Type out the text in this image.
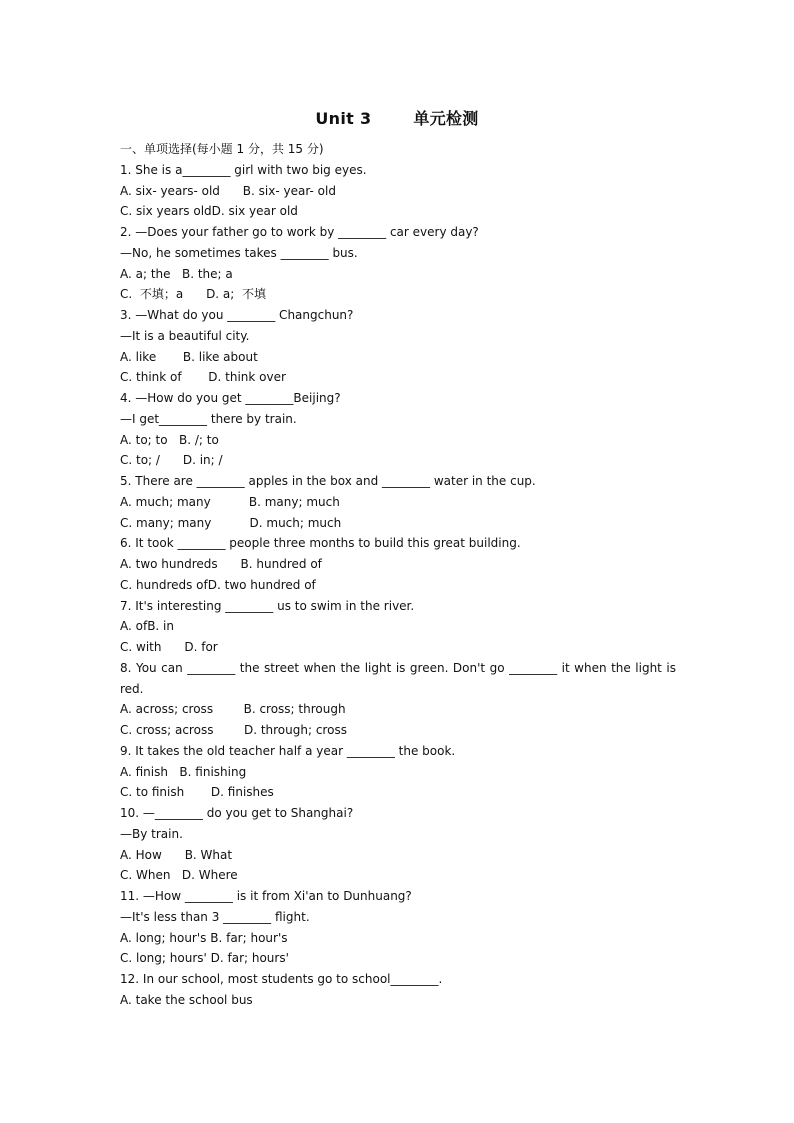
Unit 3	单元检测
一、单项选择(每小题 1 分，共 15 分)
1. She is a________ girl with two big eyes.
A. six- years- old      B. six- year- old
C. six years oldD. six year old
2. —Does your father go to work by ________ car every day?
—No, he sometimes takes ________ bus.
A. a; the   B. the; a
C.  不填；a      D. a;  不填
3. —What do you ________ Changchun?
—It is a beautiful city.
A. like       B. like about
C. think of       D. think over
4. —How do you get ________Beijing?
—I get________ there by train.
A. to; to   B. /; to
C. to; /      D. in; /
5. There are ________ apples in the box and ________ water in the cup.
A. much; many          B. many; much
C. many; many          D. much; much
6. It took ________ people three months to build this great building.
A. two hundreds      B. hundred of
C. hundreds ofD. two hundred of
7. It's interesting ________ us to swim in the river.
A. ofB. in
C. with      D. for
8. You can ________ the street when the light is green. Don't go ________ it when the light is red.
A. across; cross        B. cross; through
C. cross; across        D. through; cross
9. It takes the old teacher half a year ________ the book.
A. finish   B. finishing
C. to finish       D. finishes
10. —________ do you get to Shanghai?
—By train.
A. How      B. What
C. When   D. Where
11. —How ________ is it from Xi'an to Dunhuang?
—It's less than 3 ________ flight.
A. long; hour's B. far; hour's
C. long; hours' D. far; hours'
12. In our school, most students go to school________.
A. take the school bus
